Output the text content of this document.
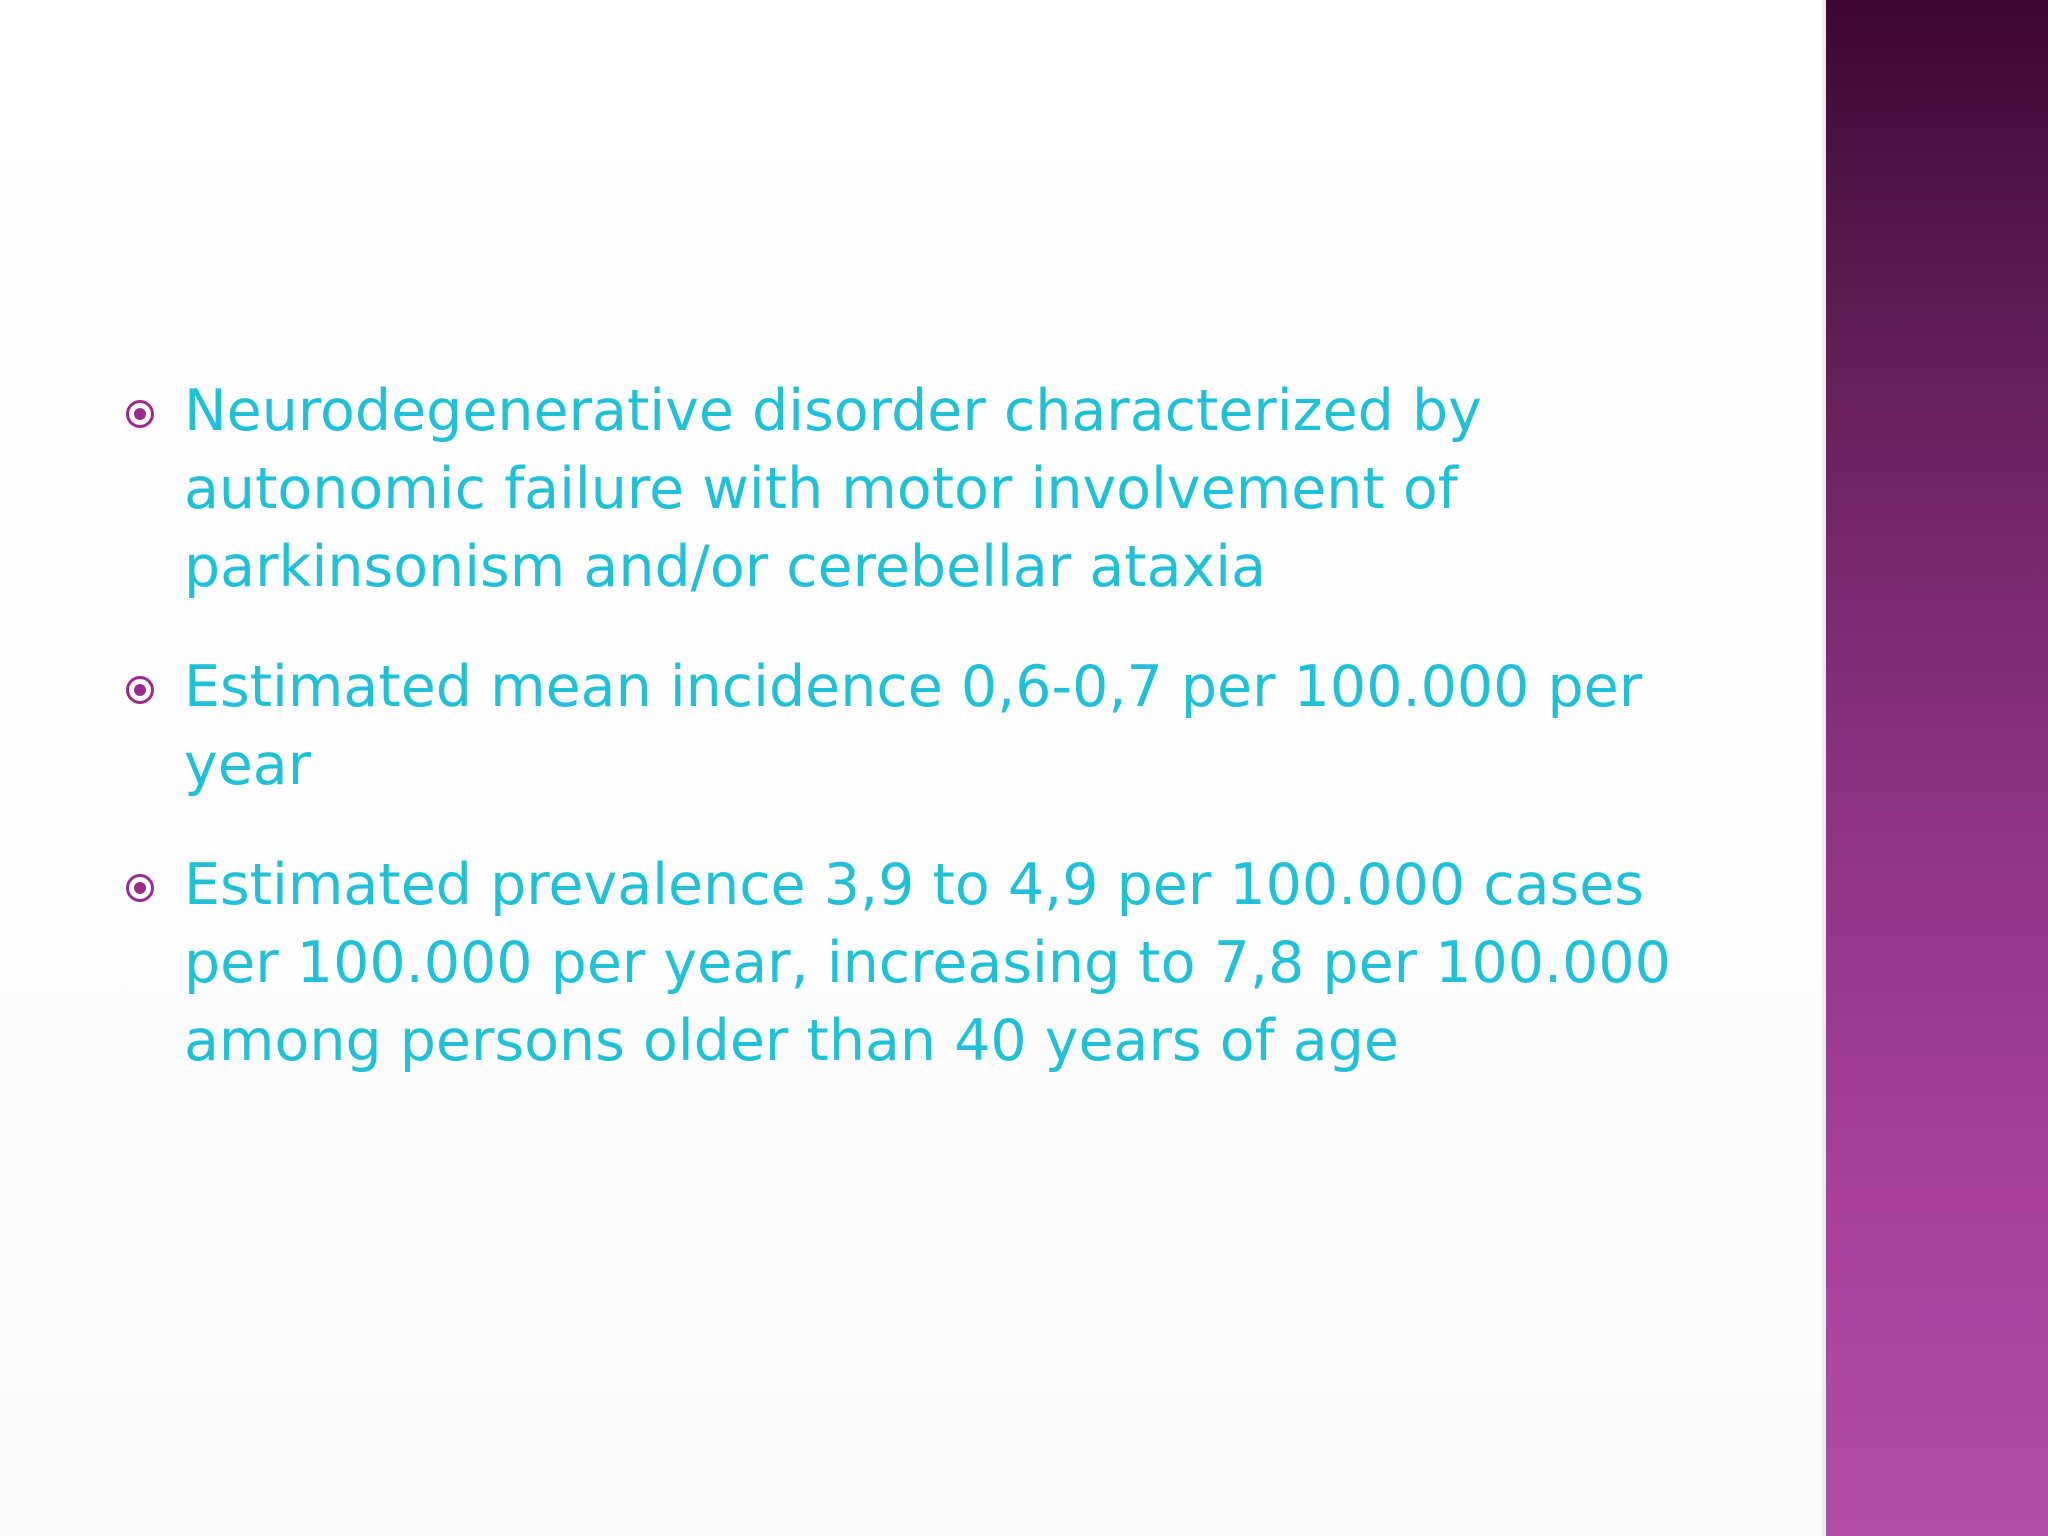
Neurodegenerative disorder characterized by
autonomic failure with motor involvement of
parkinsonism and/or cerebellar ataxia
Estimated mean incidence 0,6-0,7 per 100.000 per
year
Estimated prevalence 3,9 to 4,9 per 100.000 cases
per 100.000 per year, increasing to 7,8 per 100.000
among persons older than 40 years of age
